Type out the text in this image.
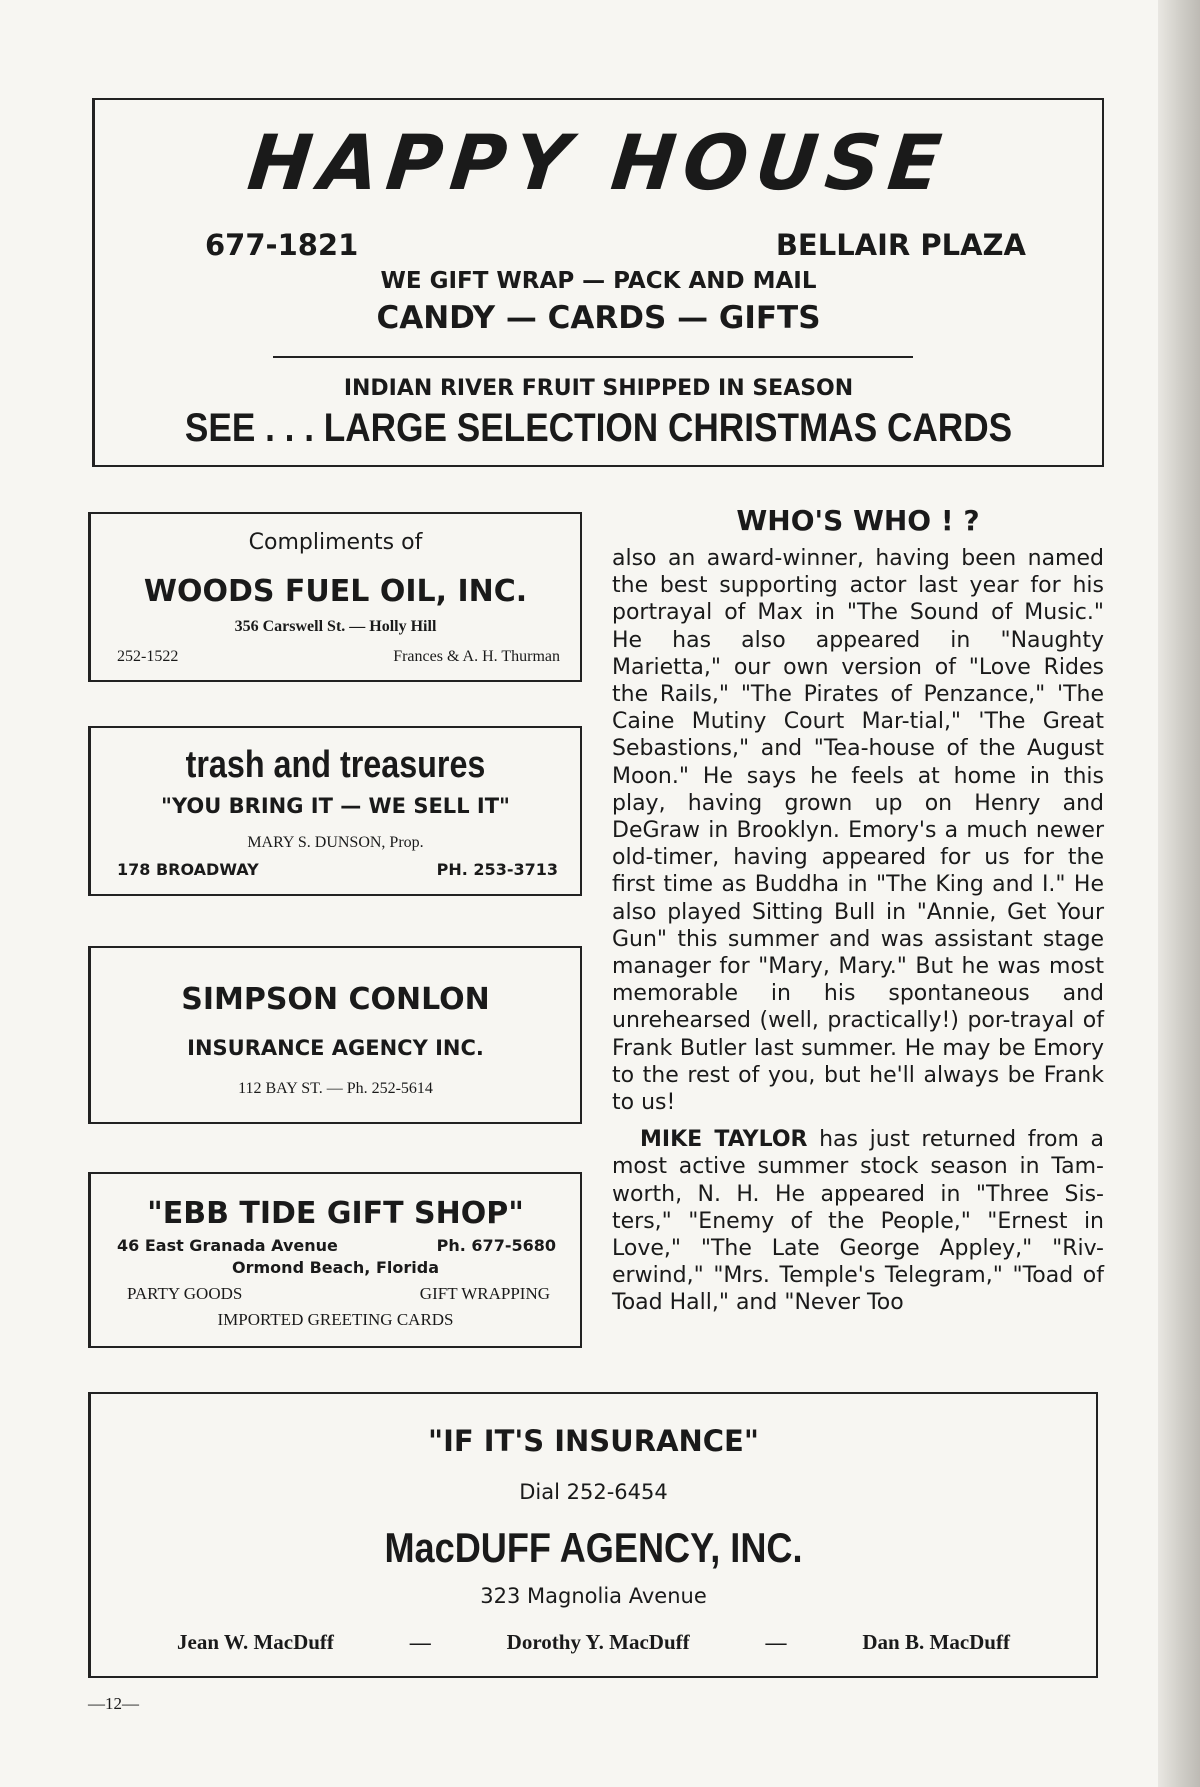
HAPPY HOUSE
677-1821	BELLAIR PLAZA
WE GIFT WRAP — PACK AND MAIL
CANDY — CARDS — GIFTS
INDIAN RIVER FRUIT SHIPPED IN SEASON
SEE . . . LARGE SELECTION CHRISTMAS CARDS
Compliments of
WOODS FUEL OIL, INC.
356 Carswell St. — Holly Hill
252-1522	Frances & A. H. Thurman
trash and treasures
"YOU BRING IT — WE SELL IT"
MARY S. DUNSON, Prop.
178 BROADWAY	PH. 253-3713
SIMPSON CONLON
INSURANCE AGENCY INC.
112 BAY ST. — Ph. 252-5614
"EBB TIDE GIFT SHOP"
46 East Granada Avenue	Ph. 677-5680
Ormond Beach, Florida
PARTY GOODS	GIFT WRAPPING
IMPORTED GREETING CARDS
WHO'S WHO ! ?

also an award-winner, having been named the best supporting actor last year for his portrayal of Max in "The Sound of Music." He has also appeared in "Naughty Marietta," our own version of "Love Rides the Rails," "The Pirates of Penzance," 'The Caine Mutiny Court Mar-tial," 'The Great Sebastions," and "Tea-house of the August Moon." He says he feels at home in this play, having grown up on Henry and DeGraw in Brooklyn. Emory's a much newer old-timer, having appeared for us for the first time as Buddha in "The King and I." He also played Sitting Bull in "Annie, Get Your Gun" this summer and was assistant stage manager for "Mary, Mary." But he was most memorable in his spontaneous and unrehearsed (well, practically!) por-trayal of Frank Butler last summer. He may be Emory to the rest of you, but he'll always be Frank to us!

MIKE TAYLOR has just returned from a most active summer stock season in Tam-worth, N. H. He appeared in "Three Sis-ters," "Enemy of the People," "Ernest in Love," "The Late George Appley," "Riv-erwind," "Mrs. Temple's Telegram," "Toad of Toad Hall," and "Never Too

"IF IT'S INSURANCE"
Dial 252-6454
MacDUFF AGENCY, INC.
323 Magnolia Avenue
Jean W. MacDuff	—	Dorothy Y. MacDuff	—	Dan B. MacDuff
—12—
